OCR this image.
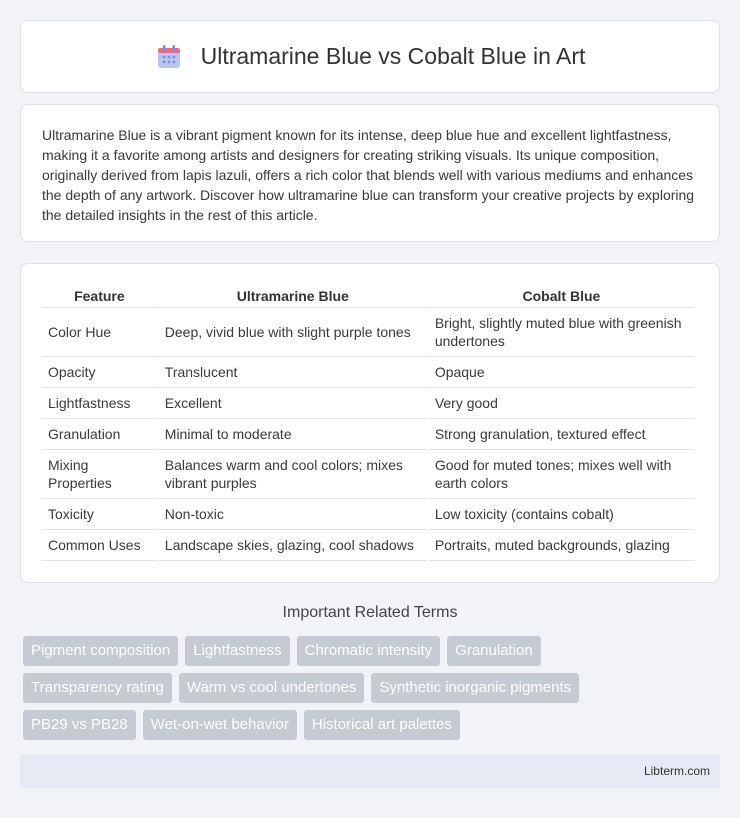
Ultramarine Blue vs Cobalt Blue in Art

Ultramarine Blue is a vibrant pigment known for its intense, deep blue hue and excellent lightfastness, making it a favorite among artists and designers for creating striking visuals. Its unique composition, originally derived from lapis lazuli, offers a rich color that blends well with various mediums and enhances the depth of any artwork. Discover how ultramarine blue can transform your creative projects by exploring the detailed insights in the rest of this article.

Feature	Ultramarine Blue	Cobalt Blue
Color Hue	Deep, vivid blue with slight purple tones	Bright, slightly muted blue with greenish undertones
Opacity	Translucent	Opaque
Lightfastness	Excellent	Very good
Granulation	Minimal to moderate	Strong granulation, textured effect
Mixing Properties	Balances warm and cool colors; mixes vibrant purples	Good for muted tones; mixes well with earth colors
Toxicity	Non-toxic	Low toxicity (contains cobalt)
Common Uses	Landscape skies, glazing, cool shadows	Portraits, muted backgrounds, glazing
Important Related Terms
Pigment composition	Lightfastness	Chromatic intensity	Granulation
Transparency rating	Warm vs cool undertones	Synthetic inorganic pigments
PB29 vs PB28	Wet-on-wet behavior	Historical art palettes
Libterm.com
